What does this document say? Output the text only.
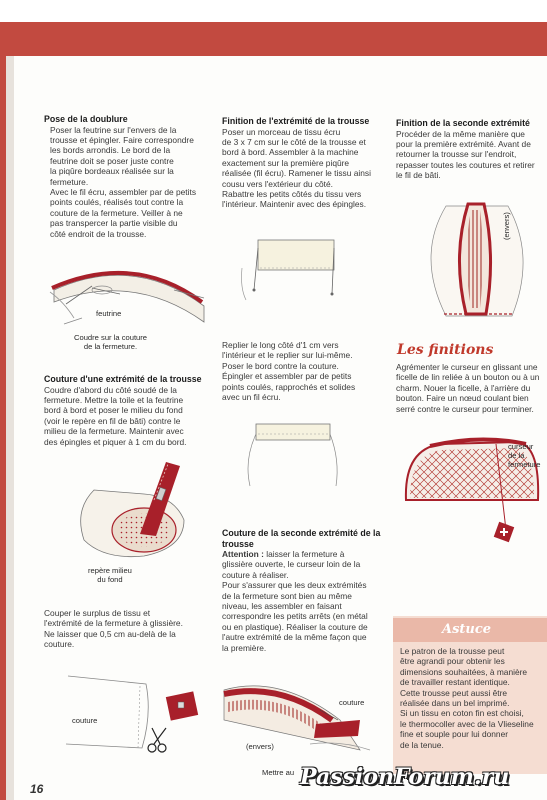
Pose de la doublure
Poser la feutrine sur l'envers de la
trousse et épingler. Faire correspondre
les bords arrondis. Le bord de la
feutrine doit se poser juste contre
la piqûre bordeaux réalisée sur la
fermeture.
Avec le fil écru, assembler par de petits
points coulés, réalisés tout contre la
couture de la fermeture. Veiller à ne
pas transpercer la partie visible du
côté endroit de la trousse.
feutrine
Coudre sur la couture
de la fermeture.
Couture d'une extrémité de la trousse
Coudre d'abord du côté soudé de la
fermeture. Mettre la toile et la feutrine
bord à bord et poser le milieu du fond
(voir le repère en fil de bâti) contre le
milieu de la fermeture. Maintenir avec
des épingles et piquer à 1 cm du bord.
repère milieu
du fond
Couper le surplus de tissu et
l'extrémité de la fermeture à glissière.
Ne laisser que 0,5 cm au-delà de la
couture.
couture
Finition de l'extrémité de la trousse
Poser un morceau de tissu écru
de 3 x 7 cm sur le côté de la trousse et
bord à bord. Assembler à la machine
exactement sur la première piqûre
réalisée (fil écru). Ramener le tissu ainsi
cousu vers l'extérieur du côté.
Rabattre les petits côtés du tissu vers
l'intérieur. Maintenir avec des épingles.
Replier le long côté d'1 cm vers
l'intérieur et le replier sur lui-même.
Poser le bord contre la couture.
Épingler et assembler par de petits
points coulés, rapprochés et solides
avec un fil écru.
Couture de la seconde extrémité de la trousse
Attention : laisser la fermeture à
glissière ouverte, le curseur loin de la
couture à réaliser.
Pour s'assurer que les deux extrémités
de la fermeture sont bien au même
niveau, les assembler en faisant
correspondre les petits arrêts (en métal
ou en plastique). Réaliser la couture de
l'autre extrémité de la même façon que
la première.
couture
(envers)
Mettre au
Finition de la seconde extrémité
Procéder de la même manière que
pour la première extrémité. Avant de
retourner la trousse sur l'endroit,
repasser toutes les coutures et retirer
le fil de bâti.
(envers)
Les finitions
Agrémenter le curseur en glissant une
ficelle de lin reliée à un bouton ou à un
charm. Nouer la ficelle, à l'arrière du
bouton. Faire un nœud coulant bien
serré contre le curseur pour terminer.
curseur
de la fermeture
Astuce
Le patron de la trousse peut
être agrandi pour obtenir les
dimensions souhaitées, à manière
de travailler restant identique.
Cette trousse peut aussi être
réalisée dans un bel imprimé.
Si un tissu en coton fin est choisi,
le thermocoller avec de la Vlieseline
fine et souple pour lui donner
de la tenue.
16	PassionForum.ru
